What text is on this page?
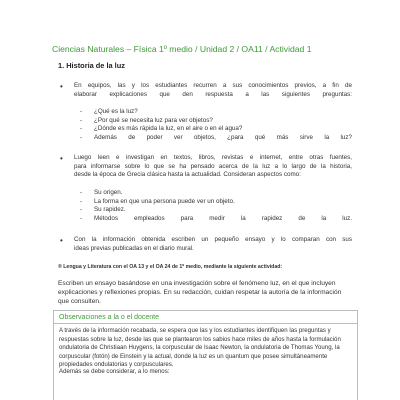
Ciencias Naturales – Física 1º medio / Unidad 2 / OA11 / Actividad 1
1. Historia de la luz
• En equipos, las y los estudiantes recurren a sus conocimientos previos, a fin de
elaborar explicaciones que den respuesta a las siguientes preguntas:
-	¿Qué es la luz?
-	¿Por qué se necesita luz para ver objetos?
-	¿Dónde es más rápida la luz, en el aire o en el agua?
-	Además de poder ver objetos, ¿para qué más sirve la luz?
• Luego leen e investigan en textos, libros, revistas e internet, entre otras fuentes,
para informarse sobre lo que se ha pensado acerca de la luz a lo largo de la historia,
desde la época de Grecia clásica hasta la actualidad. Consideran aspectos como:
-	Su origen.
-	La forma en que una persona puede ver un objeto.
-	Su rapidez.
-	Métodos empleados para medir la rapidez de la luz.
• Con la información obtenida escriben un pequeño ensayo y lo comparan con sus
ideas previas publicadas en el diario mural.
® Lengua y Literatura con el OA 13 y el OA 24 de 1º medio, mediante la siguiente actividad:
Escriben un ensayo basándose en una investigación sobre el fenómeno luz, en el que incluyen explicaciones y reflexiones propias. En su redacción, cuidan respetar la autoría de la información que consulten.
Observaciones a la o el docente
A través de la información recabada, se espera que las y los estudiantes identifiquen las preguntas y respuestas sobre la luz, desde las que se plantearon los sabios hace miles de años hasta la formulación ondulatoria de Christiaan Huygens, la corpuscular de Isaac Newton, la ondulatoria de Thomas Young, la corpuscular (fotón) de Einstein y la actual, donde la luz es un quantum que posee simultáneamente propiedades ondulatorias y corpusculares.
Además se debe considerar, a lo menos:
